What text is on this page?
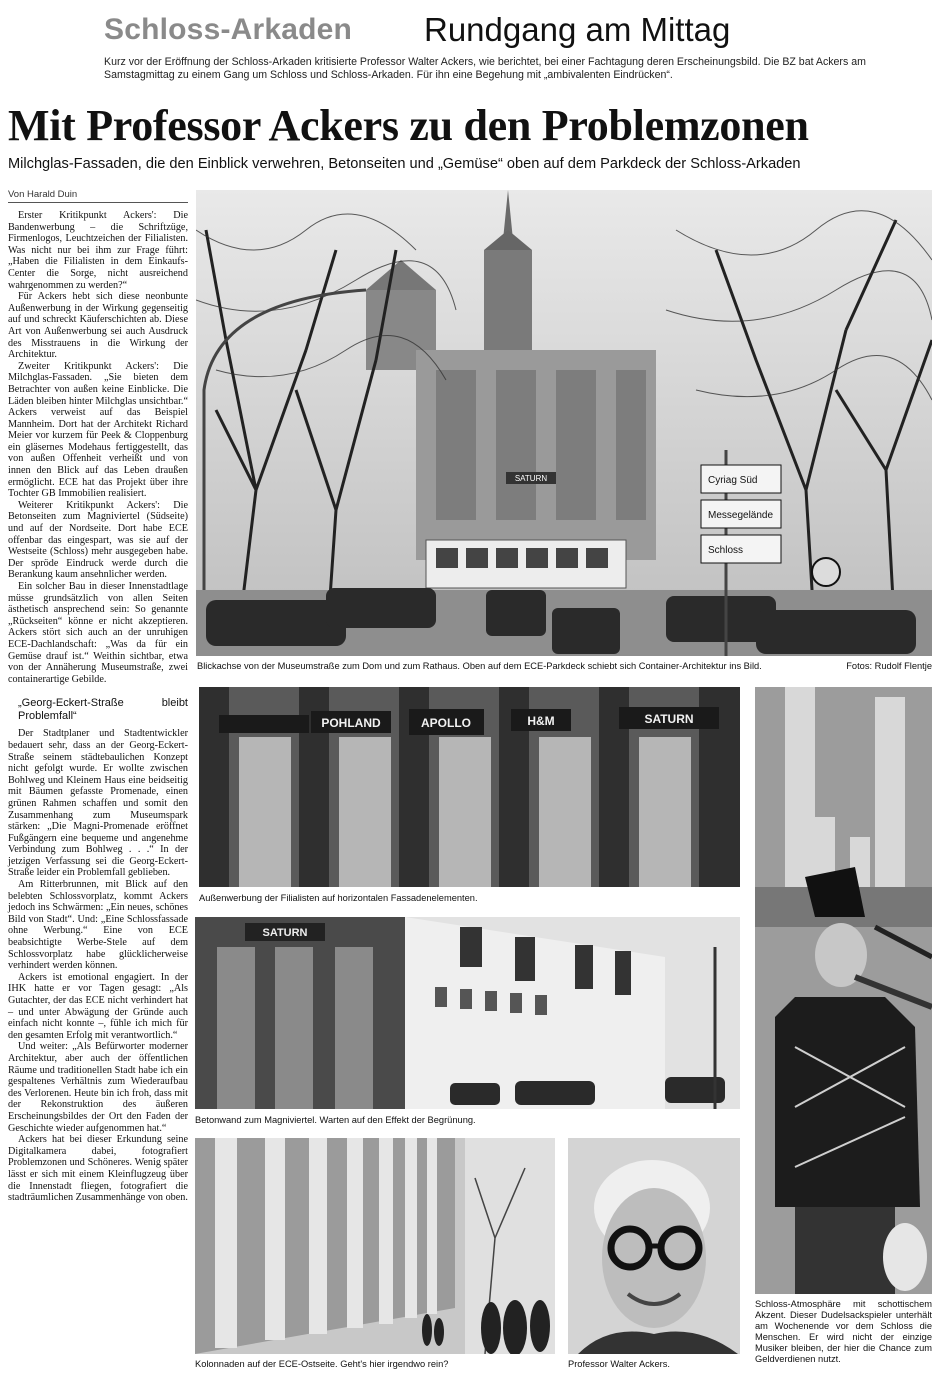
Schloss-Arkaden Rundgang am Mittag
Kurz vor der Eröffnung der Schloss-Arkaden kritisierte Professor Walter Ackers, wie berichtet, bei einer Fachtagung deren Erscheinungsbild. Die BZ bat Ackers am Samstagmittag zu einem Gang um Schloss und Schloss-Arkaden. Für ihn eine Begehung mit „ambivalenten Eindrücken“.
Mit Professor Ackers zu den Problemzonen
Milchglas-Fassaden, die den Einblick verwehren, Betonseiten und „Gemüse“ oben auf dem Parkdeck der Schloss-Arkaden
Von Harald Duin

Erster Kritikpunkt Ackers': Die Bandenwerbung – die Schriftzüge, Firmenlogos, Leuchtzeichen der Filialisten. Was nicht nur bei ihm zur Frage führt: „Haben die Filialisten in dem Einkaufs-Center die Sorge, nicht ausreichend wahrgenommen zu werden?“

Für Ackers hebt sich diese neonbunte Außenwerbung in der Wirkung gegenseitig auf und schreckt Käuferschichten ab. Diese Art von Außenwerbung sei auch Ausdruck des Misstrauens in die Wirkung der Architektur.

Zweiter Kritikpunkt Ackers': Die Milchglas-Fassaden. „Sie bieten dem Betrachter von außen keine Einblicke. Die Läden bleiben hinter Milchglas unsichtbar.“ Ackers verweist auf das Beispiel Mannheim. Dort hat der Architekt Richard Meier vor kurzem für Peek & Cloppenburg ein gläsernes Modehaus fertiggestellt, das von außen Offenheit verheißt und von innen den Blick auf das Leben draußen ermöglicht. ECE hat das Projekt über ihre Tochter GB Immobilien realisiert.

Weiterer Kritikpunkt Ackers': Die Betonseiten zum Magniviertel (Südseite) und auf der Nordseite. Dort habe ECE offenbar das eingespart, was sie auf der Westseite (Schloss) mehr ausgegeben habe. Der spröde Eindruck werde durch die Berankung kaum ansehnlicher werden.

Ein solcher Bau in dieser Innenstadtlage müsse grundsätzlich von allen Seiten ästhetisch ansprechend sein: So genannte „Rückseiten“ könne er nicht akzeptieren. Ackers stört sich auch an der unruhigen ECE-Dachlandschaft: „Was da für ein Gemüse drauf ist.“ Weithin sichtbar, etwa von der Annäherung Museumstraße, zwei containerartige Gebilde.

„Georg-Eckert-Straße bleibt Problemfall“

Der Stadtplaner und Stadtentwickler bedauert sehr, dass an der Georg-Eckert-Straße seinem städtebaulichen Konzept nicht gefolgt wurde. Er wollte zwischen Bohlweg und Kleinem Haus eine beidseitig mit Bäumen gefasste Promenade, einen grünen Rahmen schaffen und somit den Zusammenhang zum Museumspark stärken: „Die Magni-Promenade eröffnet Fußgängern eine bequeme und angenehme Verbindung zum Bohlweg . . .“ In der jetzigen Verfassung sei die Georg-Eckert-Straße leider ein Problemfall geblieben.

Am Ritterbrunnen, mit Blick auf den belebten Schlossvorplatz, kommt Ackers jedoch ins Schwärmen: „Ein neues, schönes Bild von Stadt“. Und: „Eine Schlossfassade ohne Werbung.“ Eine von ECE beabsichtigte Werbe-Stele auf dem Schlossvorplatz habe glücklicherweise verhindert werden können.

Ackers ist emotional engagiert. In der IHK hatte er vor Tagen gesagt: „Als Gutachter, der das ECE nicht verhindert hat – und unter Abwägung der Gründe auch einfach nicht konnte –, fühle ich mich für den gesamten Erfolg mit verantwortlich.“

Und weiter: „Als Befürworter moderner Architektur, aber auch der öffentlichen Räume und traditionellen Stadt habe ich ein gespaltenes Verhältnis zum Wiederaufbau des Verlorenen. Heute bin ich froh, dass mit der Rekonstruktion des äußeren Erscheinungsbildes der Ort den Faden der Geschichte wieder aufgenommen hat.“

Ackers hat bei dieser Erkundung seine Digitalkamera dabei, fotografiert Problemzonen und Schöneres. Wenig später lässt er sich mit einem Kleinflugzeug über die Innenstadt fliegen, fotografiert die stadträumlichen Zusammenhänge von oben.

SATURN	Cyriag Süd
Messegelände
Schloss
Blickachse von der Museumstraße zum Dom und zum Rathaus. Oben auf dem ECE-Parkdeck schiebt sich Container-Architektur ins Bild.	Fotos: Rudolf Flentje
POHLAND	APOLLO	H&M	SATURN
Außenwerbung der Filialisten auf horizontalen Fassadenelementen.
SATURN
Betonwand zum Magniviertel. Warten auf den Effekt der Begrünung.
Kolonnaden auf der ECE-Ostseite. Geht's hier irgendwo rein?	Professor Walter Ackers.
Schloss-Atmosphäre mit schottischem Akzent. Dieser Dudelsackspieler unterhält am Wochenende vor dem Schloss die Menschen. Er wird nicht der einzige Musiker bleiben, der hier die Chance zum Geldverdienen nutzt.
